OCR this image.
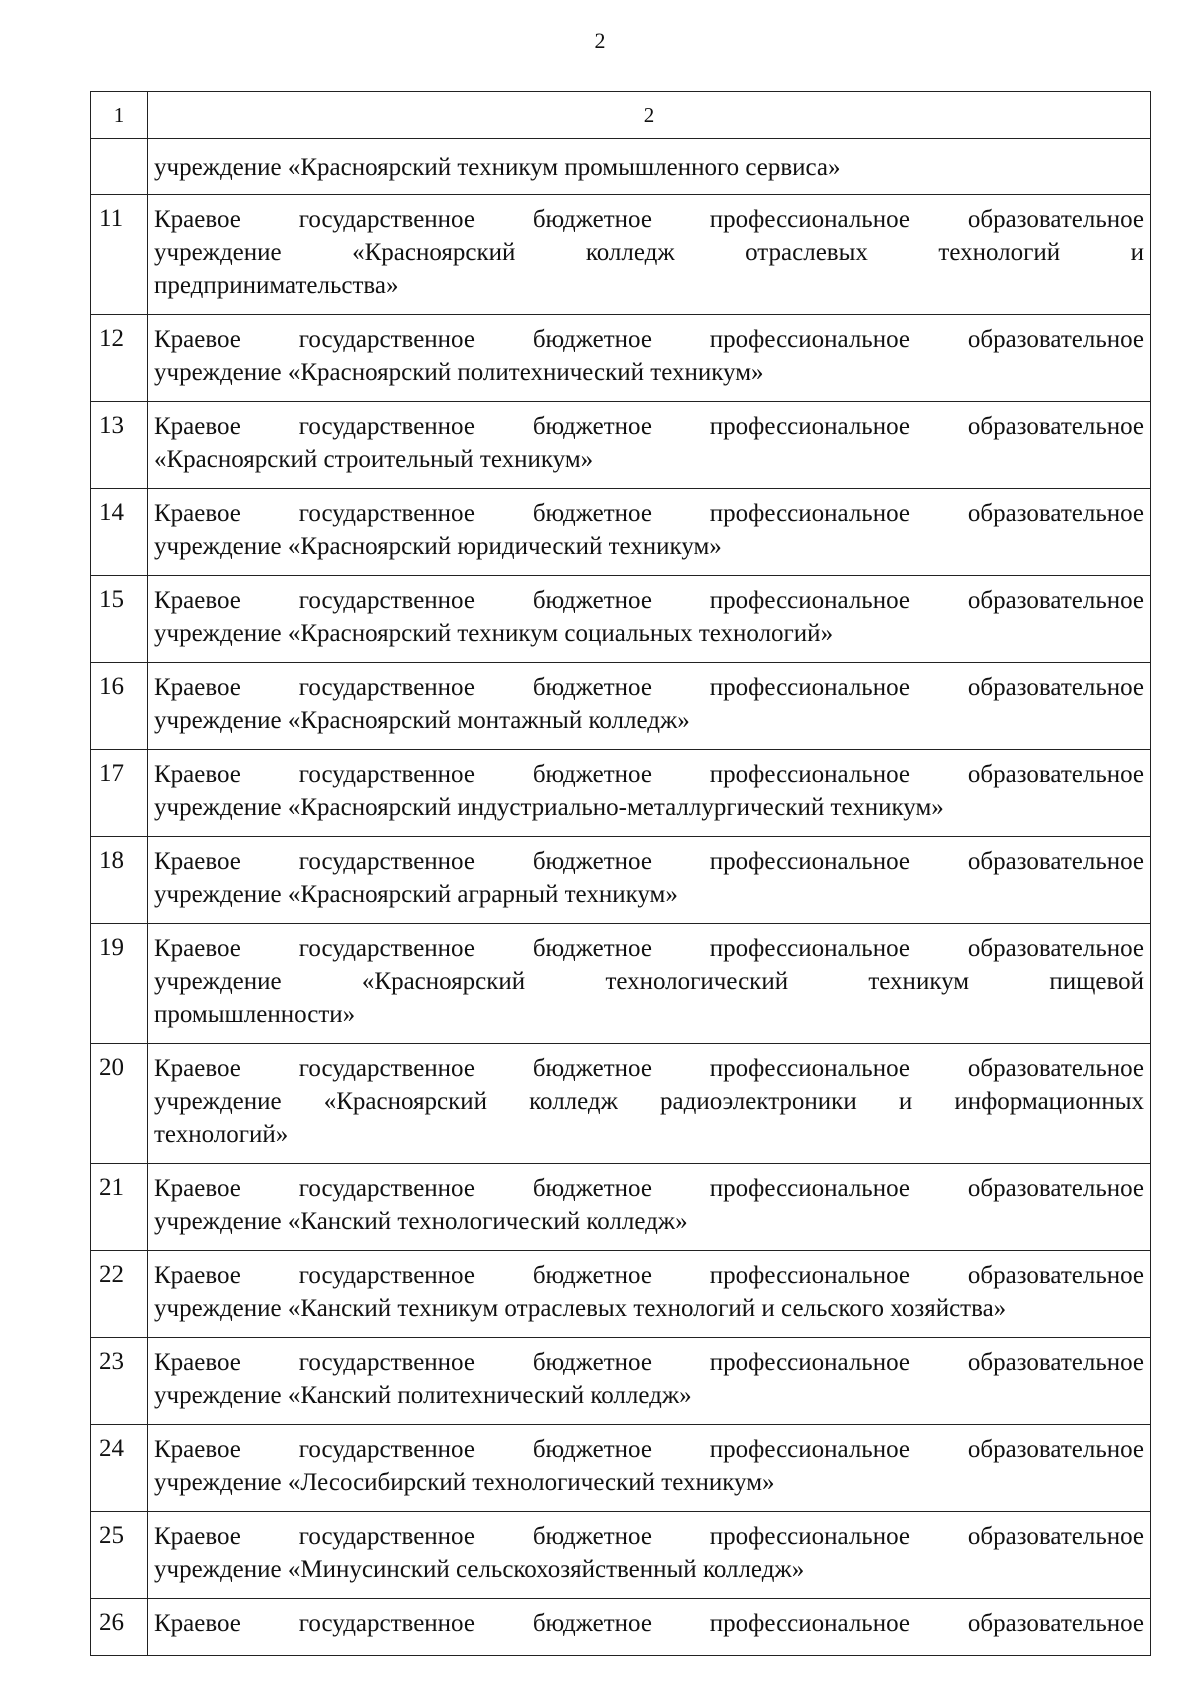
2
1	2
	учреждение «Красноярский техникум промышленного сервиса»
11	Краевое государственное бюджетное профессиональное образовательное
учреждение «Красноярский колледж отраслевых технологий и
предпринимательства»

12	Краевое государственное бюджетное профессиональное образовательное
учреждение «Красноярский политехнический техникум»

13	Краевое государственное бюджетное профессиональное образовательное
«Красноярский строительный техникум»

14	Краевое государственное бюджетное профессиональное образовательное
учреждение «Красноярский юридический техникум»

15	Краевое государственное бюджетное профессиональное образовательное
учреждение «Красноярский техникум социальных технологий»

16	Краевое государственное бюджетное профессиональное образовательное
учреждение «Красноярский монтажный колледж»

17	Краевое государственное бюджетное профессиональное образовательное
учреждение «Красноярский индустриально-металлургический техникум»

18	Краевое государственное бюджетное профессиональное образовательное
учреждение «Красноярский аграрный техникум»

19	Краевое государственное бюджетное профессиональное образовательное
учреждение «Красноярский технологический техникум пищевой
промышленности»

20	Краевое государственное бюджетное профессиональное образовательное
учреждение «Красноярский колледж радиоэлектроники и информационных
технологий»

21	Краевое государственное бюджетное профессиональное образовательное
учреждение «Канский технологический колледж»

22	Краевое государственное бюджетное профессиональное образовательное
учреждение «Канский техникум отраслевых технологий и сельского хозяйства»

23	Краевое государственное бюджетное профессиональное образовательное
учреждение «Канский политехнический колледж»

24	Краевое государственное бюджетное профессиональное образовательное
учреждение «Лесосибирский технологический техникум»

25	Краевое государственное бюджетное профессиональное образовательное
учреждение «Минусинский сельскохозяйственный колледж»

26	Краевое государственное бюджетное профессиональное образовательное
